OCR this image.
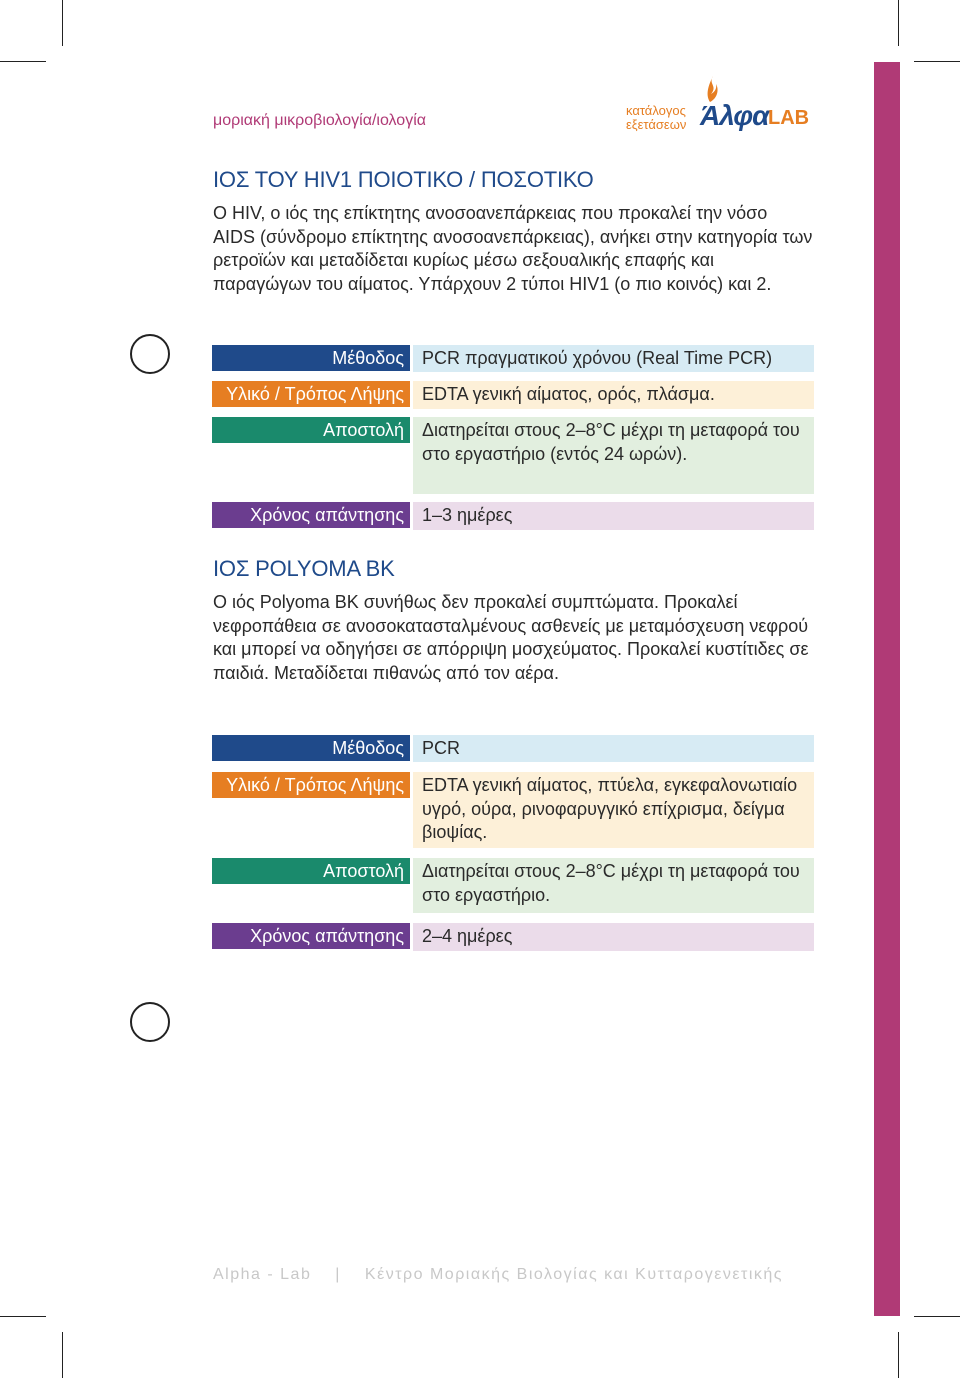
μοριακή μικροβιολογία/ιολογία
κατάλογος
εξετάσεων Άλφα LAB
ΙΟΣ ΤΟΥ HIV1 ΠΟΙΟΤΙΚΟ / ΠΟΣΟΤΙΚΟ

Ο HIV, ο ιός της επίκτητης ανοσοανεπάρκειας που προκαλεί την νόσο AIDS (σύνδρομο επίκτητης ανοσοανεπάρκειας), ανήκει στην κατηγορία των ρετροϊών και μεταδίδεται κυρίως μέσω σεξουαλικής επαφής και παραγώγων του αίματος. Υπάρχουν 2 τύποι HIV1 (ο πιο κοινός) και 2.

Μέθοδος	PCR πραγματικού χρόνου (Real Time PCR)
Υλικό / Τρόπος Λήψης	EDTA γενική αίματος, ορός, πλάσμα.
Αποστολή	Διατηρείται στους 2–8°C μέχρι τη μεταφορά του στο εργαστήριο (εντός 24 ωρών).
Χρόνος απάντησης	1–3 ημέρες
ΙΟΣ POLYOMA BK

Ο ιός Polyoma BK συνήθως δεν προκαλεί συμπτώματα. Προκαλεί νεφροπάθεια σε ανοσοκατασταλμένους ασθενείς με μεταμόσχευση νεφρού και μπορεί να οδηγήσει σε απόρριψη μοσχεύματος. Προκαλεί κυστίτιδες σε παιδιά. Μεταδίδεται πιθανώς από τον αέρα.

Μέθοδος	PCR
Υλικό / Τρόπος Λήψης	EDTA γενική αίματος, πτύελα, εγκεφαλονωτιαίο υγρό, ούρα, ρινοφαρυγγικό επίχρισμα, δείγμα βιοψίας.
Αποστολή	Διατηρείται στους 2–8°C μέχρι τη μεταφορά του στο εργαστήριο.
Χρόνος απάντησης	2–4 ημέρες
Alpha - Lab | Κέντρο Μοριακής Βιολογίας και Κυτταρογενετικής
